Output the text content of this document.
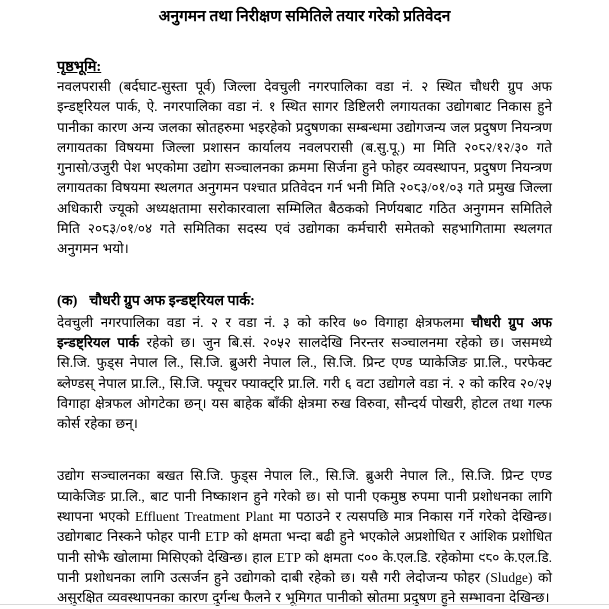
अनुगमन तथा निरीक्षण समितिले तयार गरेको प्रतिवेदन
पृष्ठभूमि:

नवलपरासी (बर्दघाट-सुस्ता पूर्व) जिल्ला देवचुली नगरपालिका वडा नं. २ स्थित चौधरी ग्रुप अफ इन्डष्ट्रियल पार्क, ऐ. नगरपालिका वडा नं. १ स्थित सागर डिष्टिलरी लगायतका उद्योगबाट निकास हुने पानीका कारण अन्य जलका स्रोतहरुमा भइरहेको प्रदुषणका सम्बन्धमा उद्योगजन्य जल प्रदुषण नियन्त्रण लगायतका विषयमा जिल्ला प्रशासन कार्यालय नवलपरासी (ब.सु.पू.) मा मिति २०८२/१२/३० गते गुनासो/उजुरी पेश भएकोमा उद्योग सञ्चालनका क्रममा सिर्जना हुने फोहर व्यवस्थापन, प्रदुषण नियन्त्रण लगायतका विषयमा स्थलगत अनुगमन पश्चात प्रतिवेदन गर्न भनी मिति २०८३/०१/०३ गते प्रमुख जिल्ला अधिकारी ज्यूको अध्यक्षतामा सरोकारवाला सम्मिलित बैठकको निर्णयबाट गठित अनुगमन समितिले मिति २०८३/०१/०४ गते समितिका सदस्य एवं उद्योगका कर्मचारी समेतको सहभागितामा स्थलगत अनुगमन भयो।

(क) चौधरी ग्रुप अफ इन्डष्ट्रियल पार्क:

देवचुली नगरपालिका वडा नं. २ र वडा नं. ३ को करिव ७० विगाहा क्षेत्रफलमा चौधरी ग्रुप अफ इन्डष्ट्रियल पार्क रहेको छ। जुन बि.सं. २०५२ सालदेखि निरन्तर सञ्चालनमा रहेको छ। जसमध्ये सि.जि. फुड्स नेपाल लि., सि.जि. ब्रुअरी नेपाल लि., सि.जि. प्रिन्ट एण्ड प्याकेजिङ प्रा.लि., परफेक्ट ब्लेण्डस् नेपाल प्रा.लि., सि.जि. फ्यूचर फ्याक्ट्रि प्रा.लि. गरी ६ वटा उद्योगले वडा नं. २ को करिव २०/२५ विगाहा क्षेत्रफल ओगटेका छन्। यस बाहेक बाँकी क्षेत्रमा रुख विरुवा, सौन्दर्य पोखरी, होटल तथा गल्फ कोर्स रहेका छन्।

उद्योग सञ्चालनका बखत सि.जि. फुड्स नेपाल लि., सि.जि. ब्रुअरी नेपाल लि., सि.जि. प्रिन्ट एण्ड प्याकेजिङ प्रा.लि., बाट पानी निष्काशन हुने गरेको छ। सो पानी एकमुष्ठ रुपमा पानी प्रशोधनका लागि स्थापना भएको Effluent Treatment Plant मा पठाउने र त्यसपछि मात्र निकास गर्ने गरेको देखिन्छ। उद्योगबाट निस्कने फोहर पानी ETP को क्षमता भन्दा बढी हुने भएकोले अप्रशोधित र आंशिक प्रशोधित पानी सोझै खोलामा मिसिएको देखिन्छ। हाल ETP को क्षमता ९०० के.एल.डि. रहेकोमा ९८० के.एल.डि. पानी प्रशोधनका लागि उत्सर्जन हुने उद्योगको दाबी रहेको छ। यसै गरी लेदोजन्य फोहर (Sludge) को असुरक्षित व्यवस्थापनका कारण दुर्गन्ध फैलने र भूमिगत पानीको स्रोतमा प्रदुषण हुने सम्भावना देखिन्छ।
